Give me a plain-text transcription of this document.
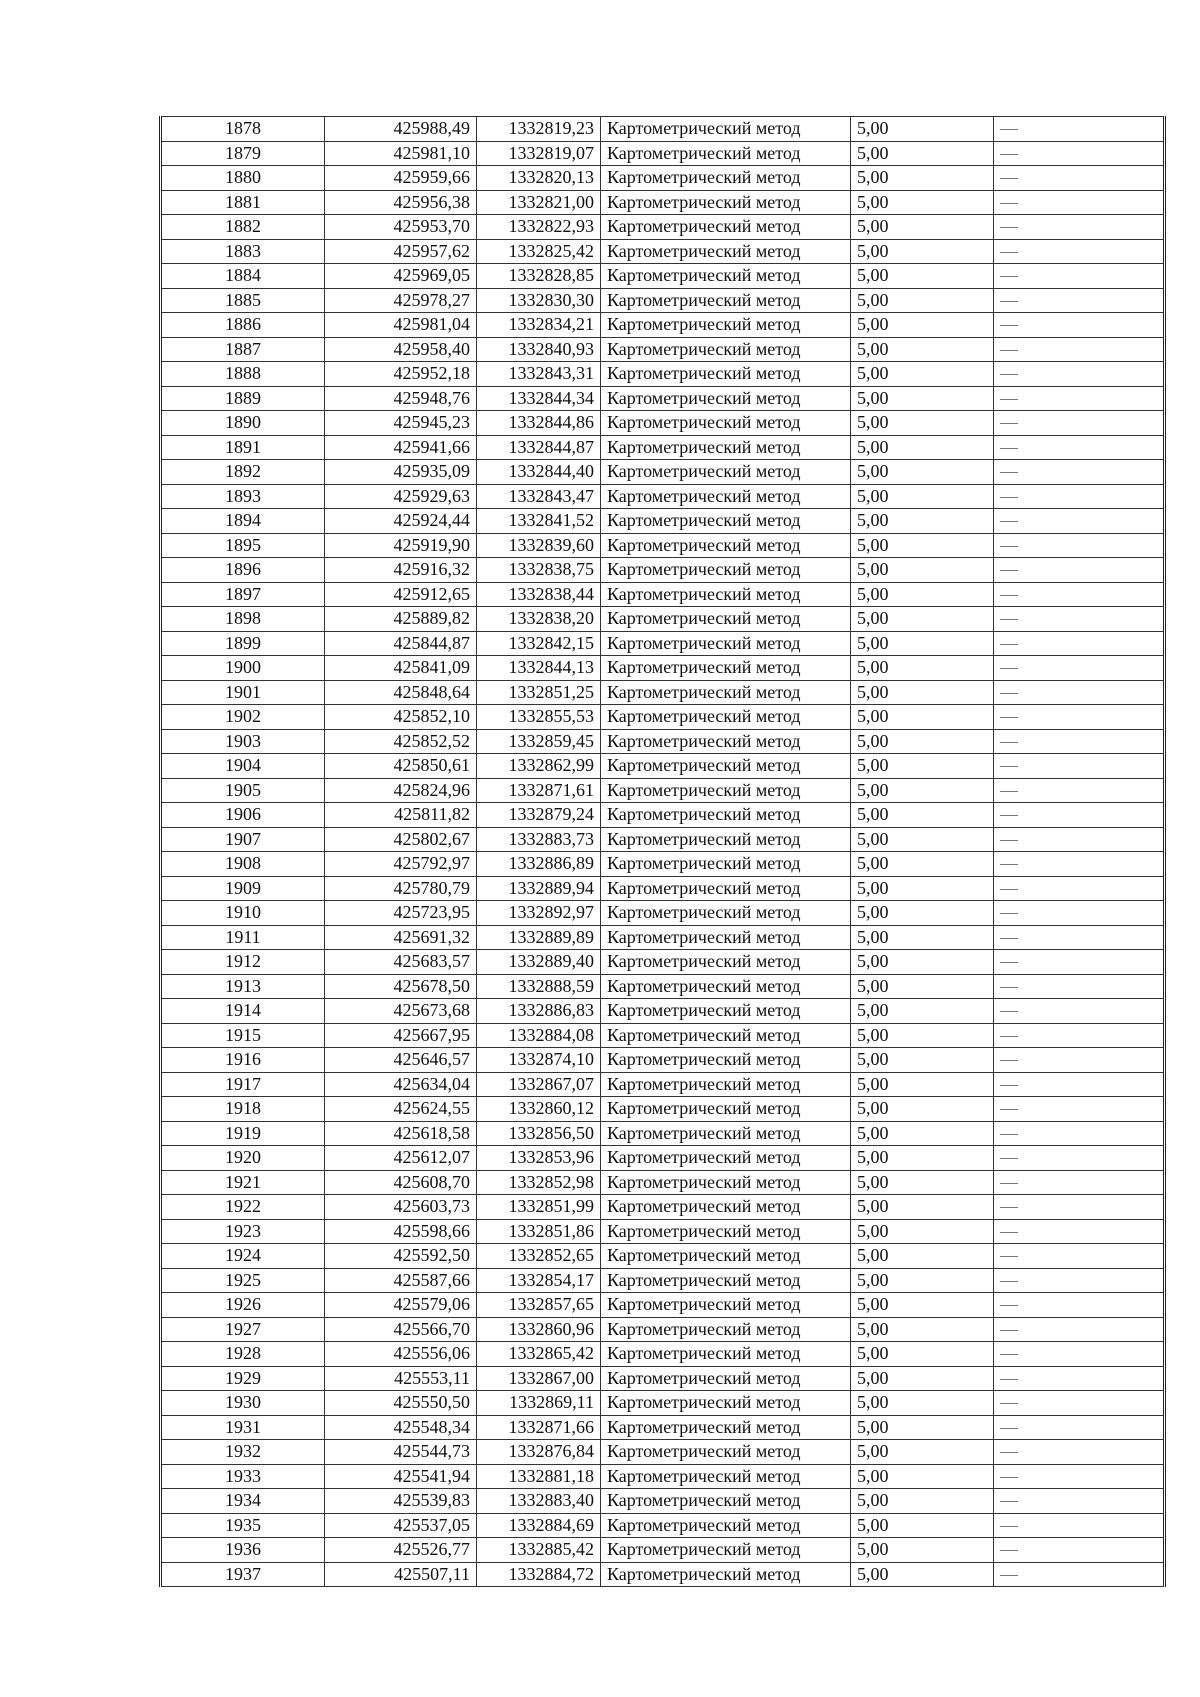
1878	425988,49	1332819,23	Картометрический метод	5,00	—
1879	425981,10	1332819,07	Картометрический метод	5,00	—
1880	425959,66	1332820,13	Картометрический метод	5,00	—
1881	425956,38	1332821,00	Картометрический метод	5,00	—
1882	425953,70	1332822,93	Картометрический метод	5,00	—
1883	425957,62	1332825,42	Картометрический метод	5,00	—
1884	425969,05	1332828,85	Картометрический метод	5,00	—
1885	425978,27	1332830,30	Картометрический метод	5,00	—
1886	425981,04	1332834,21	Картометрический метод	5,00	—
1887	425958,40	1332840,93	Картометрический метод	5,00	—
1888	425952,18	1332843,31	Картометрический метод	5,00	—
1889	425948,76	1332844,34	Картометрический метод	5,00	—
1890	425945,23	1332844,86	Картометрический метод	5,00	—
1891	425941,66	1332844,87	Картометрический метод	5,00	—
1892	425935,09	1332844,40	Картометрический метод	5,00	—
1893	425929,63	1332843,47	Картометрический метод	5,00	—
1894	425924,44	1332841,52	Картометрический метод	5,00	—
1895	425919,90	1332839,60	Картометрический метод	5,00	—
1896	425916,32	1332838,75	Картометрический метод	5,00	—
1897	425912,65	1332838,44	Картометрический метод	5,00	—
1898	425889,82	1332838,20	Картометрический метод	5,00	—
1899	425844,87	1332842,15	Картометрический метод	5,00	—
1900	425841,09	1332844,13	Картометрический метод	5,00	—
1901	425848,64	1332851,25	Картометрический метод	5,00	—
1902	425852,10	1332855,53	Картометрический метод	5,00	—
1903	425852,52	1332859,45	Картометрический метод	5,00	—
1904	425850,61	1332862,99	Картометрический метод	5,00	—
1905	425824,96	1332871,61	Картометрический метод	5,00	—
1906	425811,82	1332879,24	Картометрический метод	5,00	—
1907	425802,67	1332883,73	Картометрический метод	5,00	—
1908	425792,97	1332886,89	Картометрический метод	5,00	—
1909	425780,79	1332889,94	Картометрический метод	5,00	—
1910	425723,95	1332892,97	Картометрический метод	5,00	—
1911	425691,32	1332889,89	Картометрический метод	5,00	—
1912	425683,57	1332889,40	Картометрический метод	5,00	—
1913	425678,50	1332888,59	Картометрический метод	5,00	—
1914	425673,68	1332886,83	Картометрический метод	5,00	—
1915	425667,95	1332884,08	Картометрический метод	5,00	—
1916	425646,57	1332874,10	Картометрический метод	5,00	—
1917	425634,04	1332867,07	Картометрический метод	5,00	—
1918	425624,55	1332860,12	Картометрический метод	5,00	—
1919	425618,58	1332856,50	Картометрический метод	5,00	—
1920	425612,07	1332853,96	Картометрический метод	5,00	—
1921	425608,70	1332852,98	Картометрический метод	5,00	—
1922	425603,73	1332851,99	Картометрический метод	5,00	—
1923	425598,66	1332851,86	Картометрический метод	5,00	—
1924	425592,50	1332852,65	Картометрический метод	5,00	—
1925	425587,66	1332854,17	Картометрический метод	5,00	—
1926	425579,06	1332857,65	Картометрический метод	5,00	—
1927	425566,70	1332860,96	Картометрический метод	5,00	—
1928	425556,06	1332865,42	Картометрический метод	5,00	—
1929	425553,11	1332867,00	Картометрический метод	5,00	—
1930	425550,50	1332869,11	Картометрический метод	5,00	—
1931	425548,34	1332871,66	Картометрический метод	5,00	—
1932	425544,73	1332876,84	Картометрический метод	5,00	—
1933	425541,94	1332881,18	Картометрический метод	5,00	—
1934	425539,83	1332883,40	Картометрический метод	5,00	—
1935	425537,05	1332884,69	Картометрический метод	5,00	—
1936	425526,77	1332885,42	Картометрический метод	5,00	—
1937	425507,11	1332884,72	Картометрический метод	5,00	—
